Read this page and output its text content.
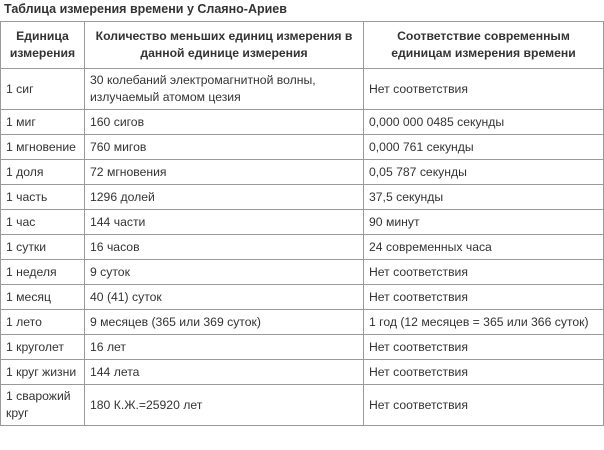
Таблица измерения времени у Слаяно-Ариев
Единица измерения	Количество меньших единиц измерения в данной единице измерения	Соответствие современным единицам измерения времени
1 сиг	30 колебаний электромагнитной волны, излучаемый атомом цезия	Нет соответствия
1 миг	160 сигов	0,000 000 0485 секунды
1 мгновение	760 мигов	0,000 761 секунды
1 доля	72 мгновения	0,05 787 секунды
1 часть	1296 долей	37,5 секунды
1 час	144 части	90 минут
1 сутки	16 часов	24 современных часа
1 неделя	9 суток	Нет соответствия
1 месяц	40 (41) суток	Нет соответствия
1 лето	9 месяцев (365 или 369 суток)	1 год (12 месяцев = 365 или 366 суток)
1 круголет	16 лет	Нет соответствия
1 круг жизни	144 лета	Нет соответствия
1 сварожий круг	180 К.Ж.=25920 лет	Нет соответствия
